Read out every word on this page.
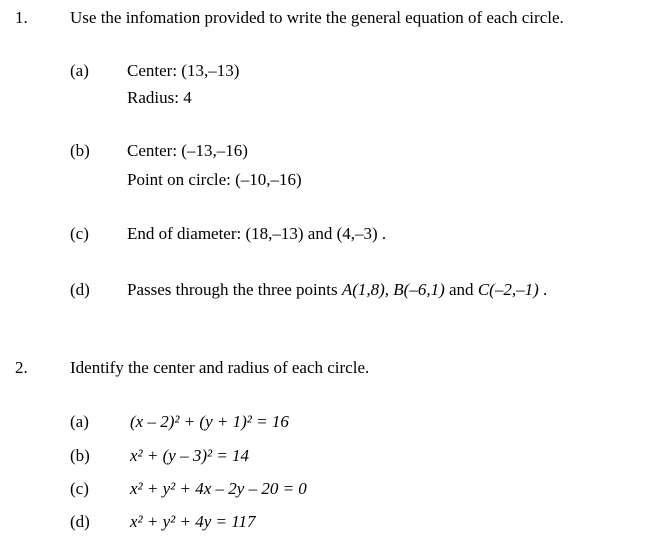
1. Use the infomation provided to write the general equation of each circle.
(a) Center: (13,–13)
Radius: 4
(b) Center: (–13,–16)
Point on circle: (–10,–16)
(c) End of diameter: (18,–13) and (4,–3) .
(d) Passes through the three points A(1,8), B(–6,1) and C(–2,–1) .
2. Identify the center and radius of each circle.
(a) (x – 2)² + (y + 1)² = 16
(b) x² + (y – 3)² = 14
(c) x² + y² + 4x – 2y – 20 = 0
(d) x² + y² + 4y = 117
